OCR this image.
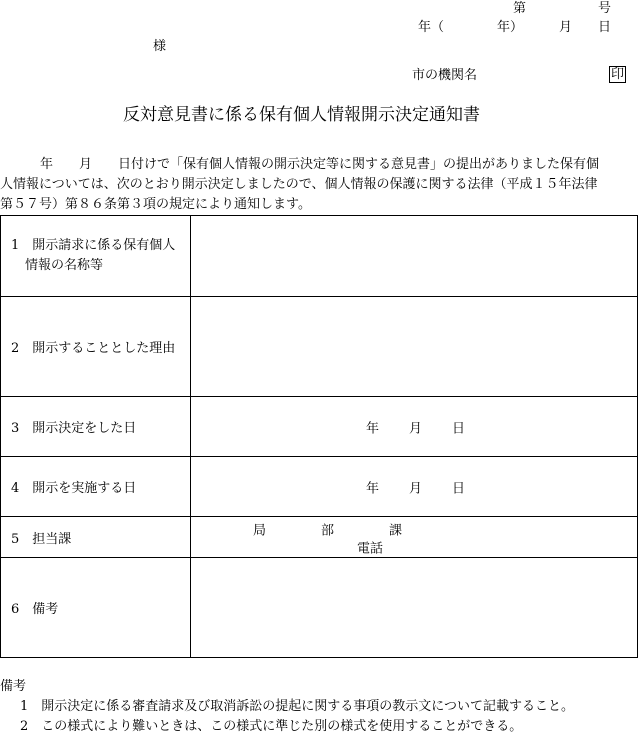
第	号
年（	年）	月 日
様
市の機関名	印
反対意見書に係る保有個人情報開示決定通知書
年　　月　　日付けで「保有個人情報の開示決定等に関する意見書」の提出がありました保有個
人情報については、次のとおり開示決定しましたので、個人情報の保護に関する法律（平成１５年法律
第５７号）第８６条第３項の規定により通知します。
1　開示請求に係る保有個人
情報の名称等	

2　開示することとした理由	
3　開示決定をした日	年 月 日

4　開示を実施する日	年 月 日

5　担当課	局 部 課
電話

6　備考	
備考
1　開示決定に係る審査請求及び取消訴訟の提起に関する事項の教示文について記載すること。
2　この様式により難いときは、この様式に準じた別の様式を使用することができる。
